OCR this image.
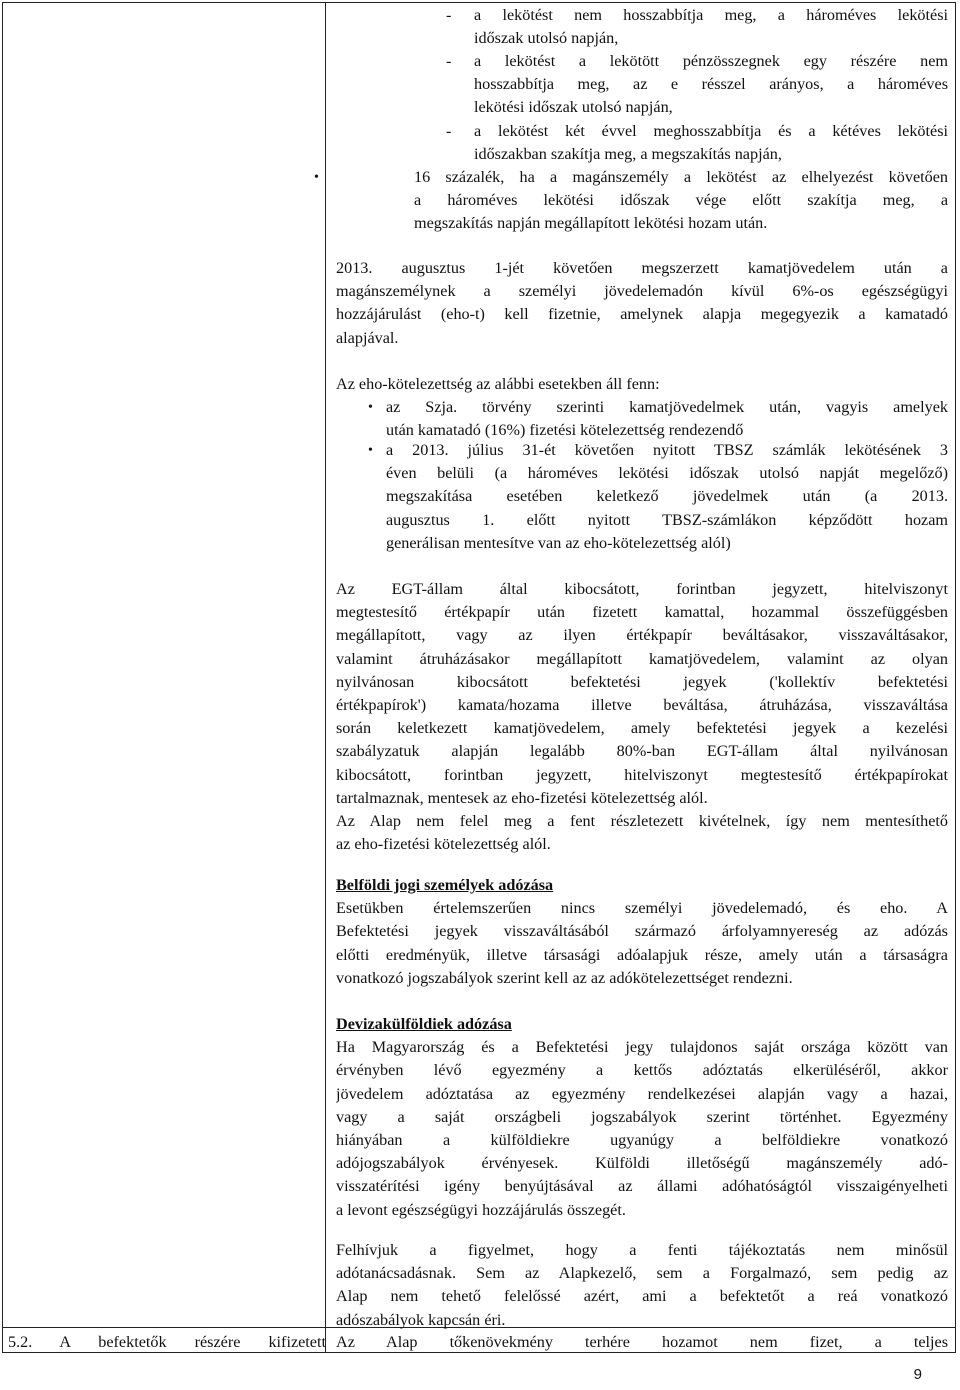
- a lekötést nem hosszabbítja meg, a hároméves lekötési
időszak utolsó napján,
- a lekötést a lekötött pénzösszegnek egy részére nem
hosszabbítja meg, az e résszel arányos, a hároméves
lekötési időszak utolsó napján,
- a lekötést két évvel meghosszabbítja és a kétéves lekötési
időszakban szakítja meg, a megszakítás napján,
•	16 százalék, ha a magánszemély a lekötést az elhelyezést követően
a hároméves lekötési időszak vége előtt szakítja meg, a
megszakítás napján megállapított lekötési hozam után.
2013. augusztus 1-jét követően megszerzett kamatjövedelem után a
magánszemélynek a személyi jövedelemadón kívül 6%-os egészségügyi
hozzájárulást (eho-t) kell fizetnie, amelynek alapja megegyezik a kamatadó
alapjával.
Az eho-kötelezettség az alábbi esetekben áll fenn:
• az Szja. törvény szerinti kamatjövedelmek után, vagyis amelyek
után kamatadó (16%) fizetési kötelezettség rendezendő
• a 2013. július 31-ét követően nyitott TBSZ számlák lekötésének 3
éven belüli (a hároméves lekötési időszak utolsó napját megelőző)
megszakítása esetében keletkező jövedelmek után (a 2013.
augusztus 1. előtt nyitott TBSZ-számlákon képződött hozam
generálisan mentesítve van az eho-kötelezettség alól)
Az EGT-állam által kibocsátott, forintban jegyzett, hitelviszonyt
megtestesítő értékpapír után fizetett kamattal, hozammal összefüggésben
megállapított, vagy az ilyen értékpapír beváltásakor, visszaváltásakor,
valamint átruházásakor megállapított kamatjövedelem, valamint az olyan
nyilvánosan kibocsátott befektetési jegyek ('kollektív befektetési
értékpapírok') kamata/hozama illetve beváltása, átruházása, visszaváltása
során keletkezett kamatjövedelem, amely befektetési jegyek a kezelési
szabályzatuk alapján legalább 80%-ban EGT-állam által nyilvánosan
kibocsátott, forintban jegyzett, hitelviszonyt megtestesítő értékpapírokat
tartalmaznak, mentesek az eho-fizetési kötelezettség alól.
Az Alap nem felel meg a fent részletezett kivételnek, így nem mentesíthető
az eho-fizetési kötelezettség alól.
Belföldi jogi személyek adózása
Esetükben értelemszerűen nincs személyi jövedelemadó, és eho. A
Befektetési jegyek visszaváltásából származó árfolyamnyereség az adózás
előtti eredményük, illetve társasági adóalapjuk része, amely után a társaságra
vonatkozó jogszabályok szerint kell az az adókötelezettséget rendezni.
Devizakülföldiek adózása
Ha Magyarország és a Befektetési jegy tulajdonos saját országa között van
érvényben lévő egyezmény a kettős adóztatás elkerüléséről, akkor
jövedelem adóztatása az egyezmény rendelkezései alapján vagy a hazai,
vagy a saját országbeli jogszabályok szerint történhet. Egyezmény
hiányában a külföldiekre ugyanúgy a belföldiekre vonatkozó
adójogszabályok érvényesek. Külföldi illetőségű magánszemély adó-
visszatérítési igény benyújtásával az állami adóhatóságtól visszaigényelheti
a levont egészségügyi hozzájárulás összegét.
Felhívjuk a figyelmet, hogy a fenti tájékoztatás nem minősül
adótanácsadásnak. Sem az Alapkezelő, sem a Forgalmazó, sem pedig az
Alap nem tehető felelőssé azért, ami a befektetőt a reá vonatkozó
adószabályok kapcsán éri.
5.2. A befektetők részére kifizetett Az Alap tőkenövekmény terhére hozamot nem fizet, a teljes
9
